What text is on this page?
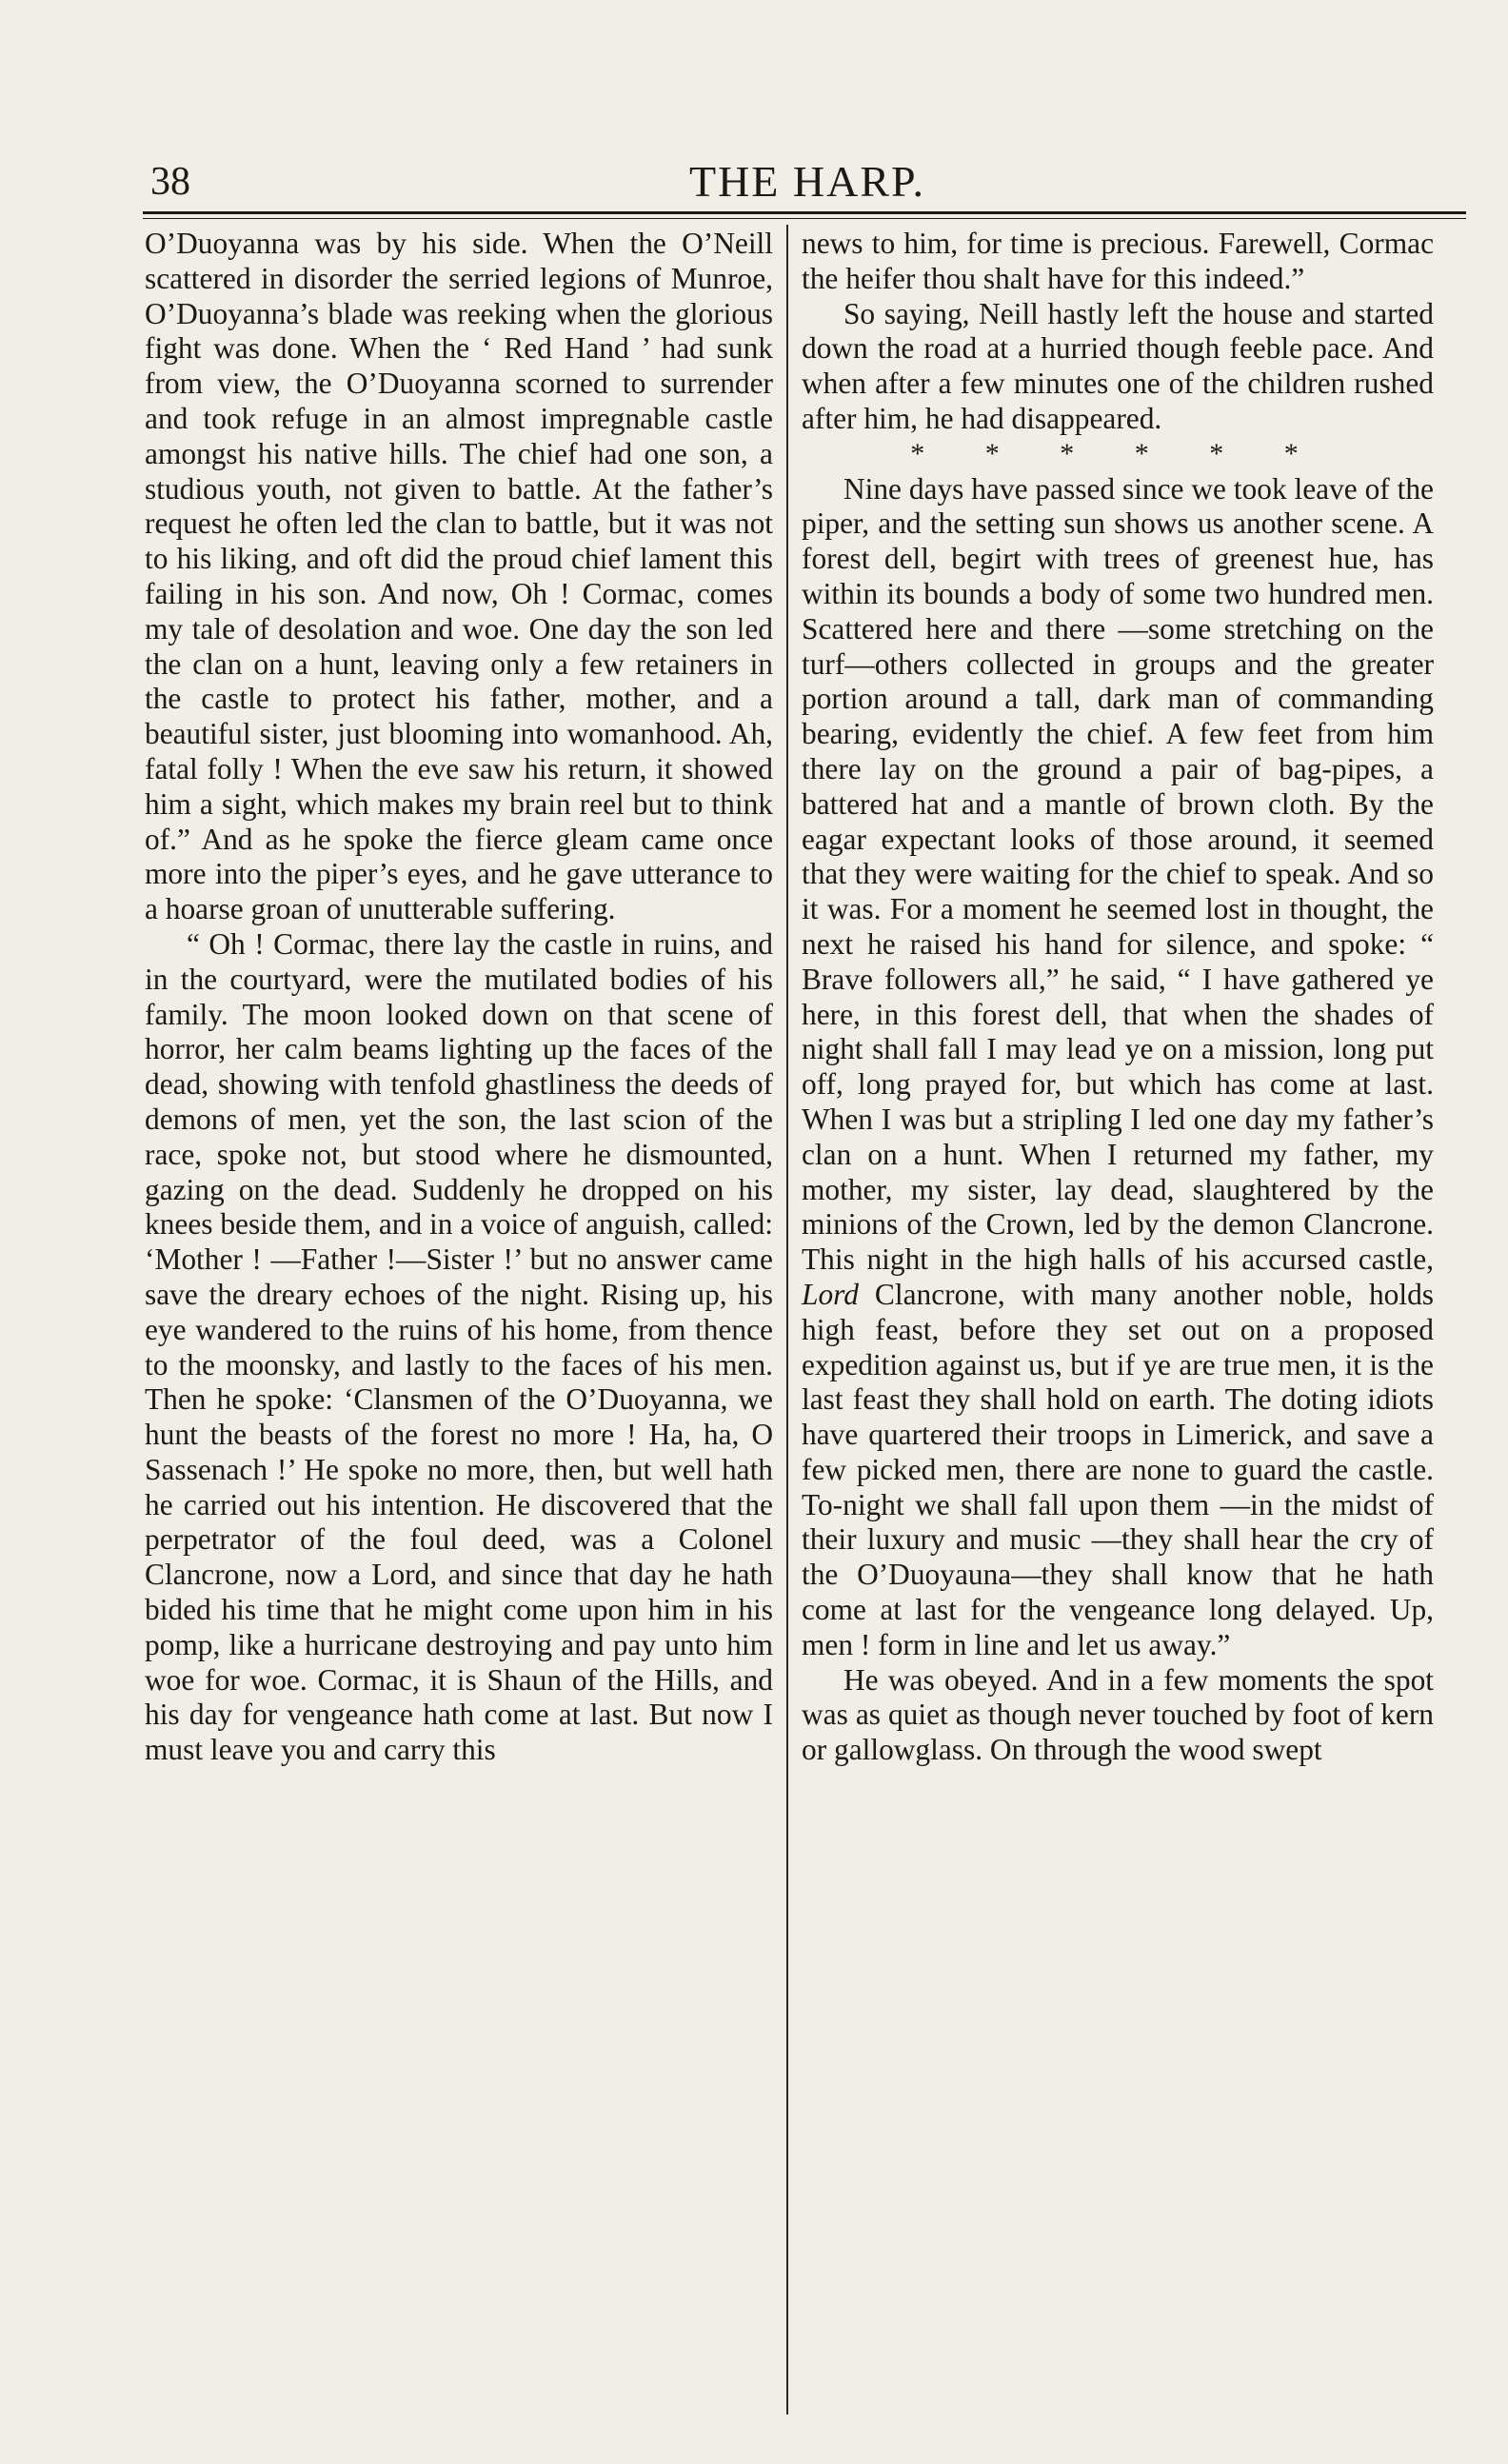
38	THE HARP.

O’Duoyanna was by his side. When the O’Neill scattered in disorder the serried legions of Munroe, O’Duoyanna’s blade was reeking when the glorious fight was done. When the ‘ Red Hand ’ had sunk from view, the O’Duoyanna scorned to surrender and took refuge in an almost impregnable castle amongst his native hills. The chief had one son, a studious youth, not given to battle. At the father’s request he often led the clan to battle, but it was not to his liking, and oft did the proud chief lament this failing in his son. And now, Oh ! Cormac, comes my tale of desolation and woe. One day the son led the clan on a hunt, leaving only a few retainers in the castle to protect his father, mother, and a beautiful sister, just blooming into womanhood. Ah, fatal folly ! When the eve saw his return, it showed him a sight, which makes my brain reel but to think of.” And as he spoke the fierce gleam came once more into the piper’s eyes, and he gave utterance to a hoarse groan of unutterable suffering.

“ Oh ! Cormac, there lay the castle in ruins, and in the courtyard, were the mutilated bodies of his family. The moon looked down on that scene of horror, her calm beams lighting up the faces of the dead, showing with tenfold ghastliness the deeds of demons of men, yet the son, the last scion of the race, spoke not, but stood where he dismounted, gazing on the dead. Suddenly he dropped on his knees beside them, and in a voice of anguish, called: ‘Mother ! —Father !—Sister !’ but no answer came save the dreary echoes of the night. Rising up, his eye wandered to the ruins of his home, from thence to the moonsky, and lastly to the faces of his men. Then he spoke: ‘Clansmen of the O’Duoyanna, we hunt the beasts of the forest no more ! Ha, ha, O Sassenach !’ He spoke no more, then, but well hath he carried out his intention. He discovered that the perpetrator of the foul deed, was a Colonel Clancrone, now a Lord, and since that day he hath bided his time that he might come upon him in his pomp, like a hurricane destroying and pay unto him woe for woe. Cormac, it is Shaun of the Hills, and his day for vengeance hath come at last. But now I must leave you and carry this

news to him, for time is precious. Farewell, Cormac the heifer thou shalt have for this indeed.”

So saying, Neill hastly left the house and started down the road at a hurried though feeble pace. And when after a few minutes one of the children rushed after him, he had disappeared.

* * * * * *

Nine days have passed since we took leave of the piper, and the setting sun shows us another scene. A forest dell, begirt with trees of greenest hue, has within its bounds a body of some two hundred men. Scattered here and there —some stretching on the turf—others collected in groups and the greater portion around a tall, dark man of commanding bearing, evidently the chief. A few feet from him there lay on the ground a pair of bag-pipes, a battered hat and a mantle of brown cloth. By the eagar expectant looks of those around, it seemed that they were waiting for the chief to speak. And so it was. For a moment he seemed lost in thought, the next he raised his hand for silence, and spoke: “ Brave followers all,” he said, “ I have gathered ye here, in this forest dell, that when the shades of night shall fall I may lead ye on a mission, long put off, long prayed for, but which has come at last. When I was but a stripling I led one day my father’s clan on a hunt. When I returned my father, my mother, my sister, lay dead, slaughtered by the minions of the Crown, led by the demon Clancrone. This night in the high halls of his accursed castle, Lord Clancrone, with many another noble, holds high feast, before they set out on a proposed expedition against us, but if ye are true men, it is the last feast they shall hold on earth. The doting idiots have quartered their troops in Limerick, and save a few picked men, there are none to guard the castle. To-night we shall fall upon them —in the midst of their luxury and music —they shall hear the cry of the O’Duoyauna—they shall know that he hath come at last for the vengeance long delayed. Up, men ! form in line and let us away.”

He was obeyed. And in a few moments the spot was as quiet as though never touched by foot of kern or gallowglass. On through the wood swept
